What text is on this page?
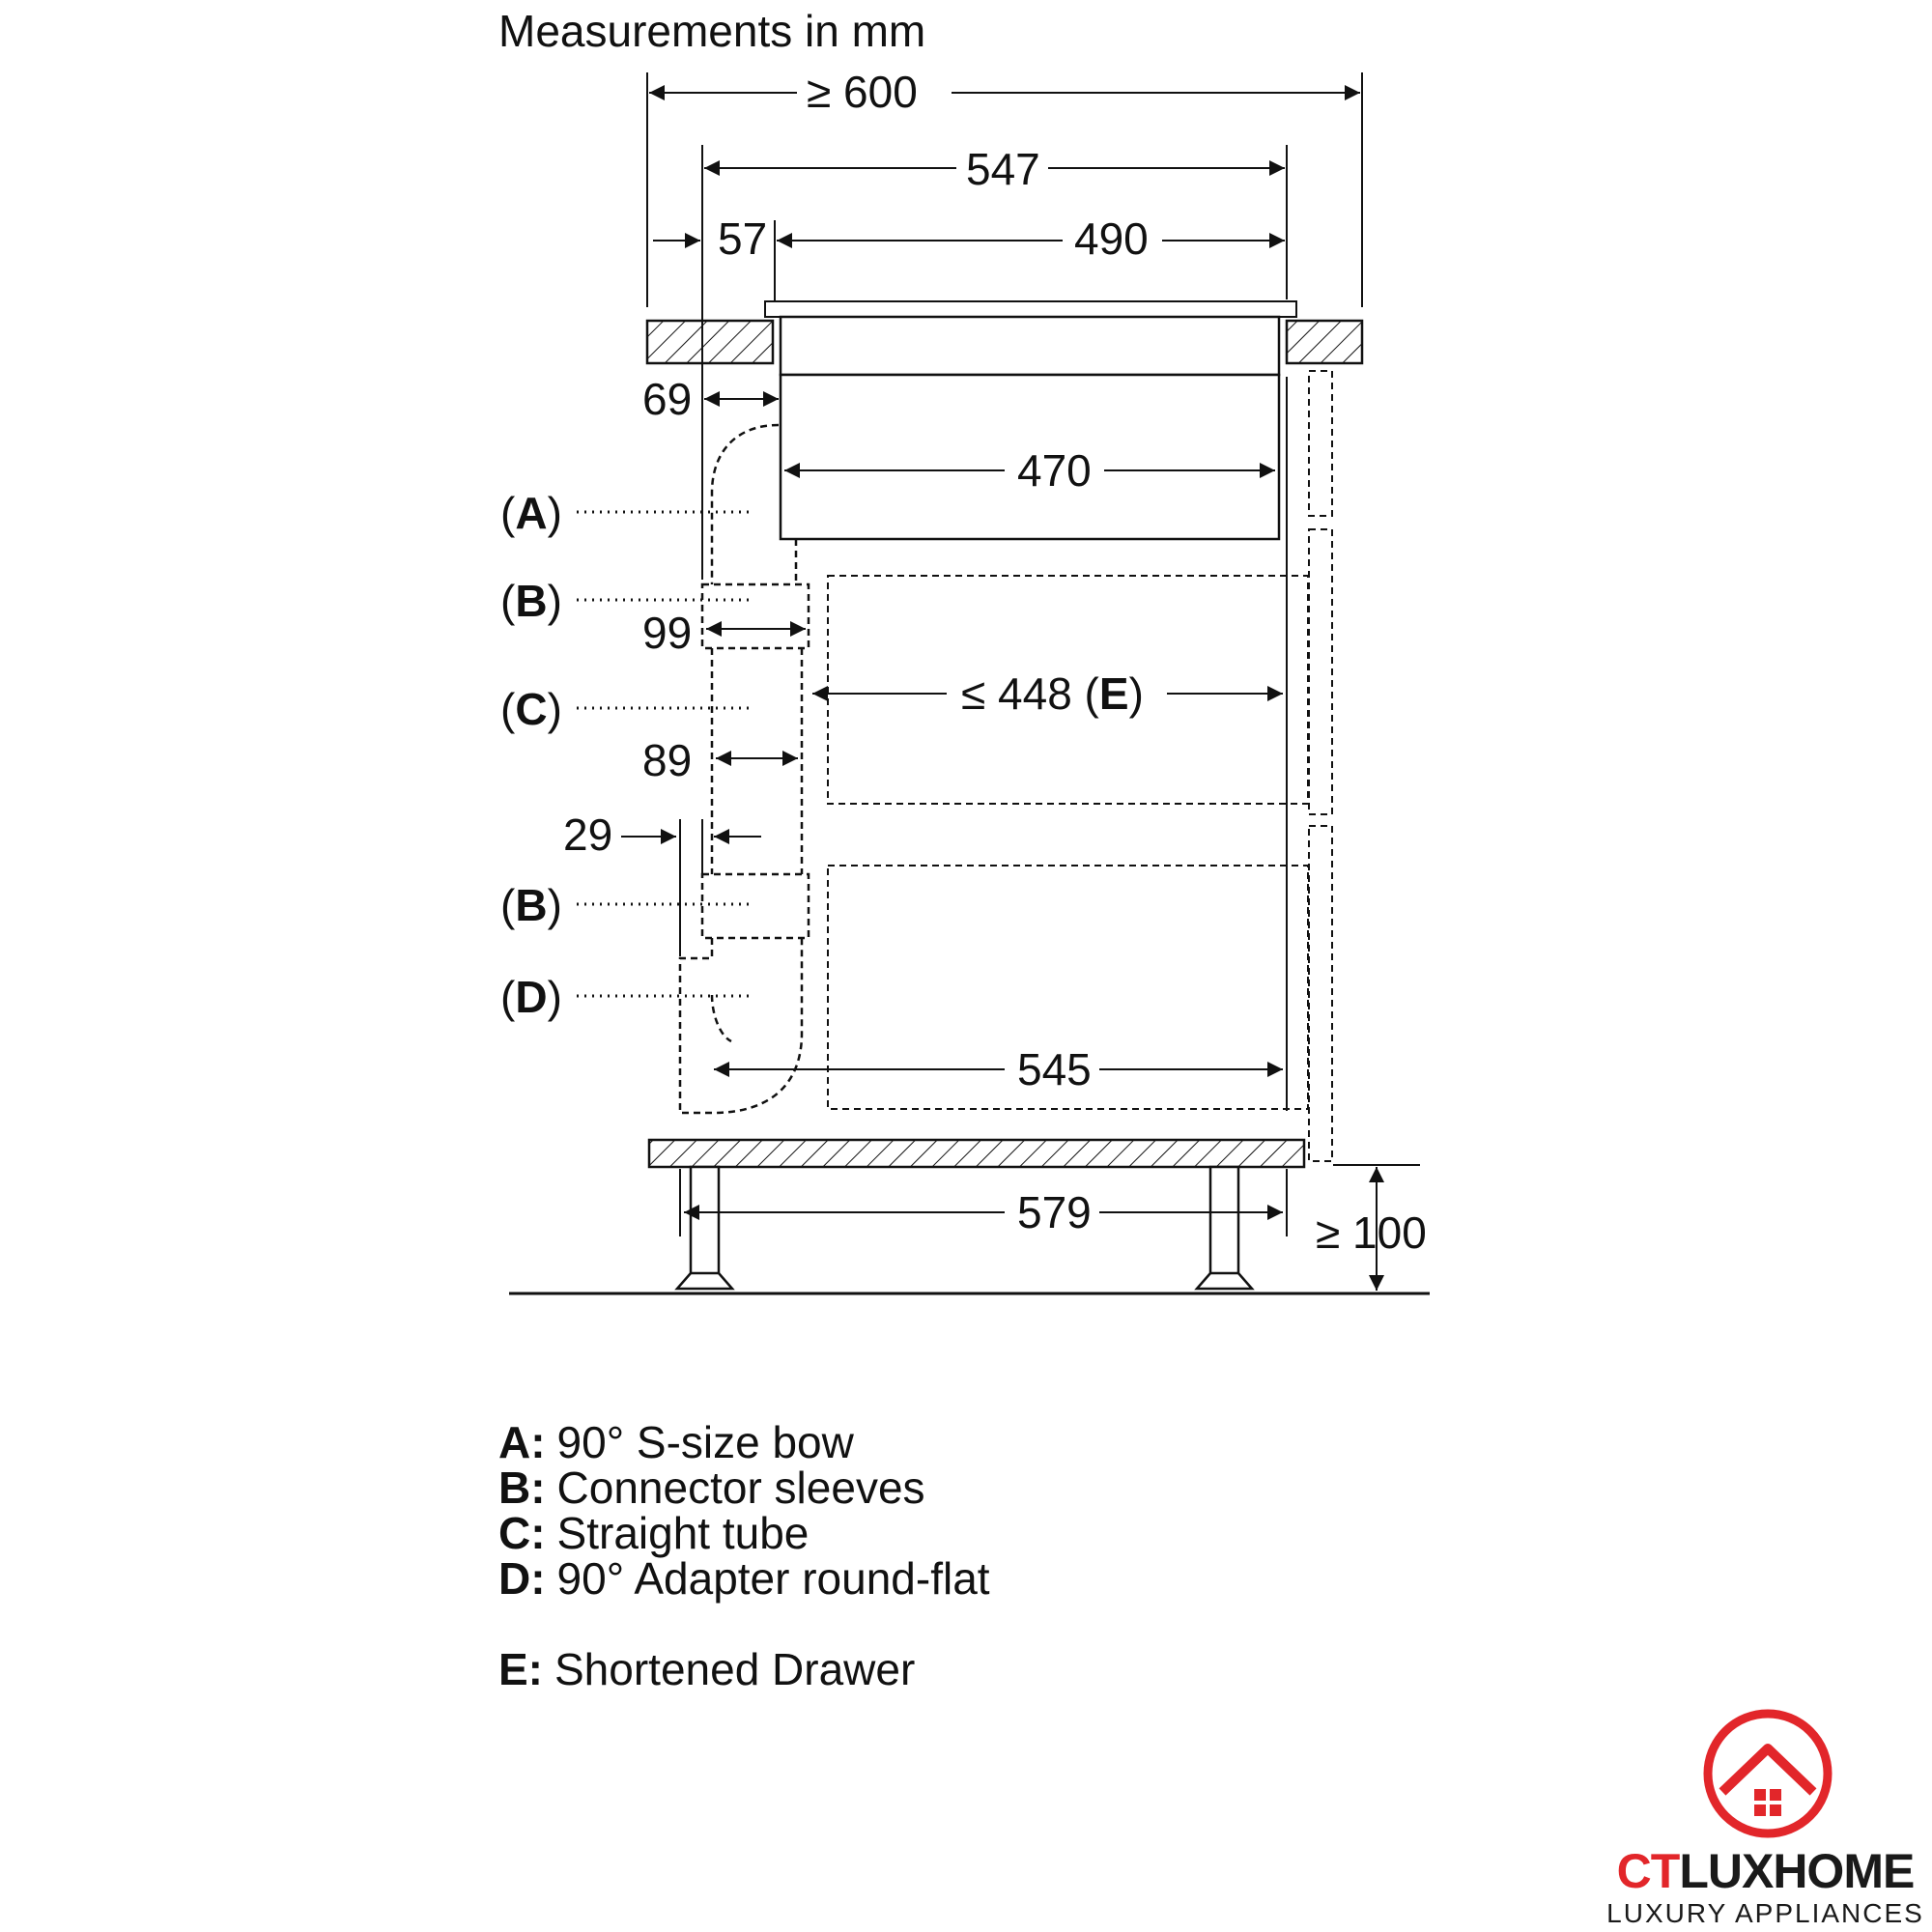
Measurements in mm
≥ 600
547
57	490
69
470
99
≤ 448 (E)
89
29
545
(A)
(B)
(C)
(B)
(D)
579	≥ 100
A: 90° S-size bow
B: Connector sleeves
C: Straight tube
D: 90° Adapter round-flat
E: Shortened Drawer
CTLUXHOME
LUXURY APPLIANCES
